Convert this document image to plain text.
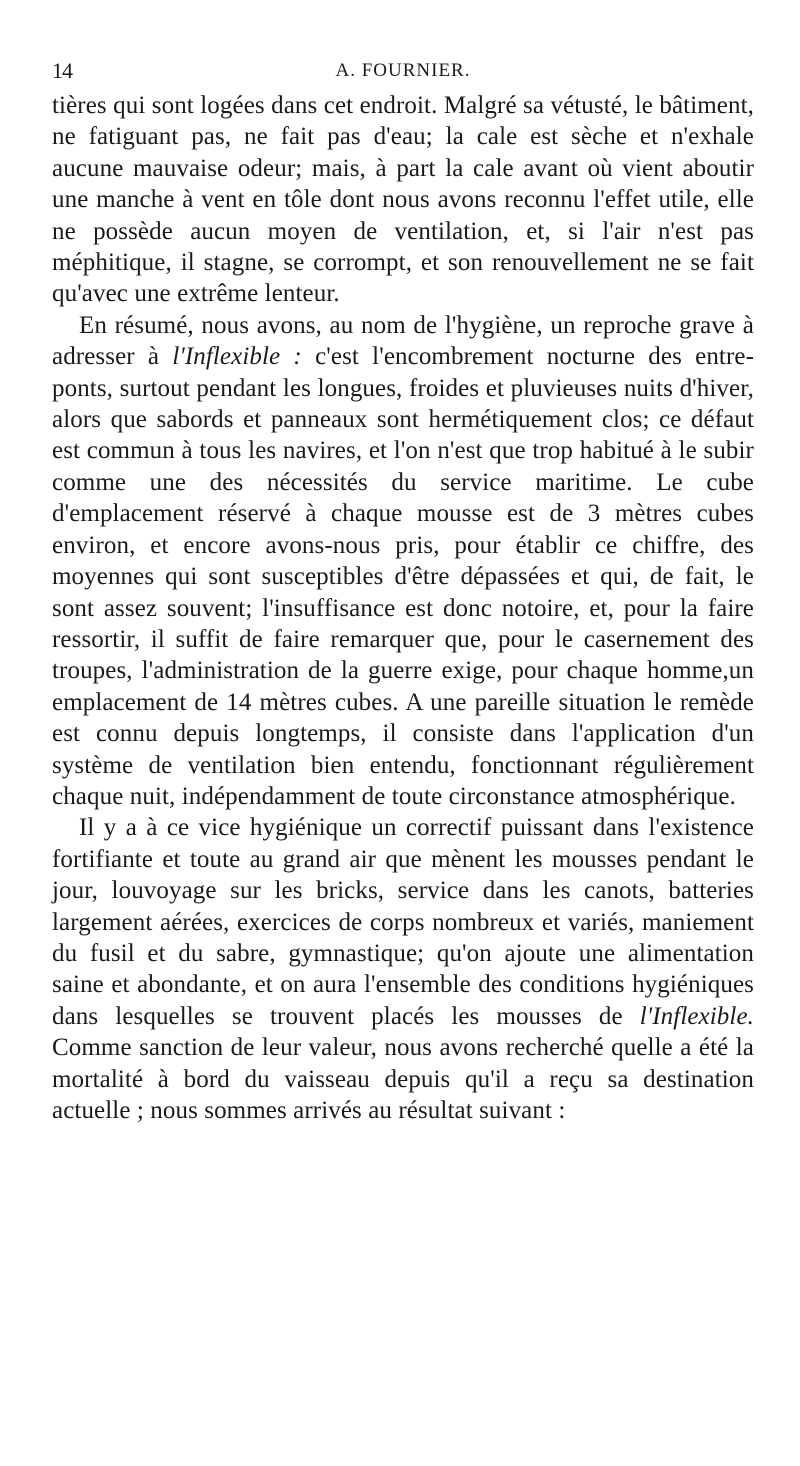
14	A. FOURNIER.

tières qui sont logées dans cet endroit. Malgré sa vétusté, le bâtiment, ne fatiguant pas, ne fait pas d'eau; la cale est sèche et n'exhale aucune mauvaise odeur; mais, à part la cale avant où vient aboutir une manche à vent en tôle dont nous avons reconnu l'effet utile, elle ne possède aucun moyen de ventilation, et, si l'air n'est pas méphitique, il stagne, se corrompt, et son renouvellement ne se fait qu'avec une extrême lenteur.

En résumé, nous avons, au nom de l'hygiène, un reproche grave à adresser à l'Inflexible : c'est l'encombrement nocturne des entre-ponts, surtout pendant les longues, froides et pluvieuses nuits d'hiver, alors que sabords et panneaux sont hermétiquement clos; ce défaut est commun à tous les navires, et l'on n'est que trop habitué à le subir comme une des nécessités du service maritime. Le cube d'emplacement réservé à chaque mousse est de 3 mètres cubes environ, et encore avons-nous pris, pour établir ce chiffre, des moyennes qui sont susceptibles d'être dépassées et qui, de fait, le sont assez souvent; l'insuffisance est donc notoire, et, pour la faire ressortir, il suffit de faire remarquer que, pour le casernement des troupes, l'administration de la guerre exige, pour chaque homme,un emplacement de 14 mètres cubes. A une pareille situation le remède est connu depuis longtemps, il consiste dans l'application d'un système de ventilation bien entendu, fonctionnant régulièrement chaque nuit, indépendamment de toute circonstance atmosphérique.

Il y a à ce vice hygiénique un correctif puissant dans l'existence fortifiante et toute au grand air que mènent les mousses pendant le jour, louvoyage sur les bricks, service dans les canots, batteries largement aérées, exercices de corps nombreux et variés, maniement du fusil et du sabre, gymnastique; qu'on ajoute une alimentation saine et abondante, et on aura l'ensemble des conditions hygiéniques dans lesquelles se trouvent placés les mousses de l'Inflexible. Comme sanction de leur valeur, nous avons recherché quelle a été la mortalité à bord du vaisseau depuis qu'il a reçu sa destination actuelle ; nous sommes arrivés au résultat suivant :
